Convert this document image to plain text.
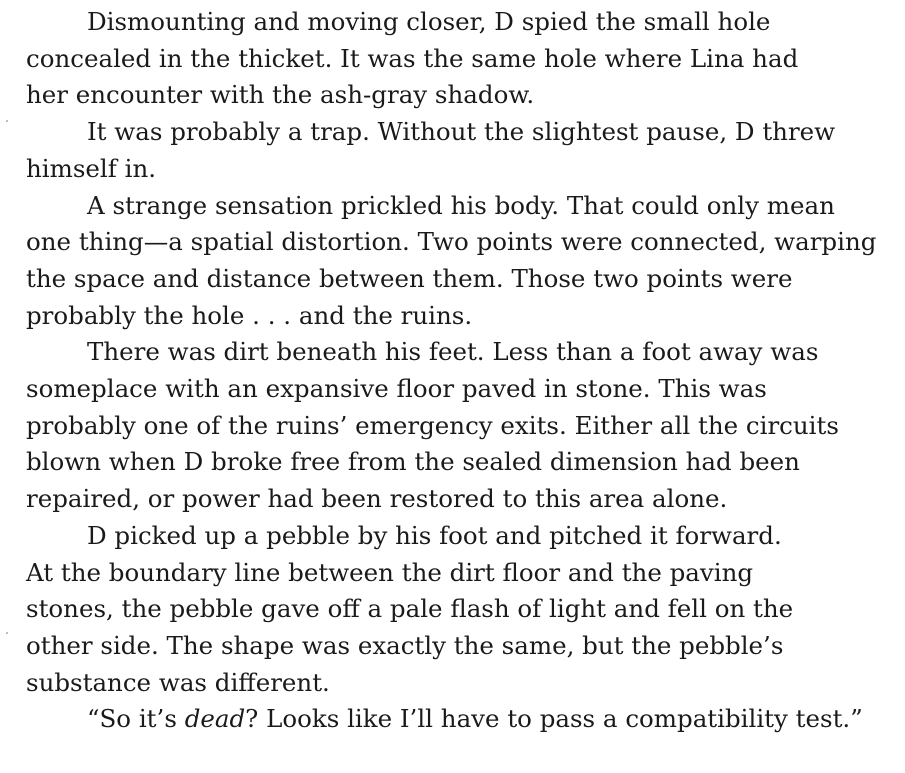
Dismounting and moving closer, D spied the small hole
concealed in the thicket. It was the same hole where Lina had
her encounter with the ash-gray shadow.
It was probably a trap. Without the slightest pause, D threw
himself in.
A strange sensation prickled his body. That could only mean
one thing—a spatial distortion. Two points were connected, warping
the space and distance between them. Those two points were
probably the hole . . . and the ruins.
There was dirt beneath his feet. Less than a foot away was
someplace with an expansive floor paved in stone. This was
probably one of the ruins’ emergency exits. Either all the circuits
blown when D broke free from the sealed dimension had been
repaired, or power had been restored to this area alone.
D picked up a pebble by his foot and pitched it forward.
At the boundary line between the dirt floor and the paving
stones, the pebble gave off a pale flash of light and fell on the
other side. The shape was exactly the same, but the pebble’s
substance was different.
“So it’s dead? Looks like I’ll have to pass a compatibility test.”
